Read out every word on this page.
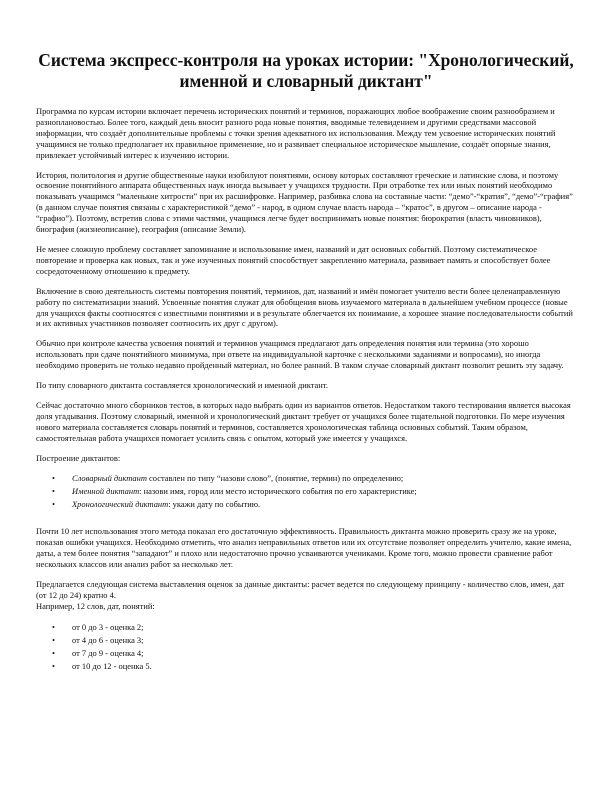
Система экспресс-контроля на уроках истории: "Хронологический, именной и словарный диктант"

Программа по курсам истории включает перечень исторических понятий и терминов, поражающих любое воображение своим разнообразием и разноплановостью. Более того, каждый день вносит разного рода новые понятия, вводимые телевидением и другими средствами массовой информации, что создаёт дополнительные проблемы с точки зрения адекватного их использования. Между тем усвоение исторических понятий учащимися не только предполагает их правильное применение, но и развивает специальное историческое мышление, создаёт опорные знания, привлекает устойчивый интерес к изучению истории.

История, политология и другие общественные науки изобилуют понятиями, основу которых составляют греческие и латинские слова, и поэтому освоение понятийного аппарата общественных наук иногда вызывает у учащихся трудности. При отработке тех или иных понятий необходимо показывать учащимся “маленькие хитрости” при их расшифровке. Например, разбивка слова на составные части: “демо”-“кратия”, “демо”-“графия” (в данном случае понятия связаны с характеристикой “демо” - народ, в одном случае власть народа – “кратос”, в другом – описание народа - “графио”). Поэтому, встретив слова с этими частями, учащимся легче будет воспринимать новые понятия: бюрократия (власть чиновников), биография (жизнеописание), география (описание Земли).

Не менее сложную проблему составляет запоминание и использование имен, названий и дат основных событий. Поэтому систематическое повторение и проверка как новых, так и уже изученных понятий способствует закреплению материала, развивает память и способствует более сосредоточенному отношению к предмету.

Включение в свою деятельность системы повторения понятий, терминов, дат, названий и имён помогает учителю вести более целенаправленную работу по систематизации знаний. Усвоенные понятия служат для обобщения вновь изучаемого материала в дальнейшем учебном процессе (новые для учащихся факты соотносятся с известными понятиями и в результате облегчается их понимание, а хорошее знание последовательности событий и их активных участников позволяет соотносить их друг с другом).

Обычно при контроле качества усвоения понятий и терминов учащимся предлагают дать определения понятия или термина (это хорошо использовать при сдаче понятийного минимума, при ответе на индивидуальной карточке с несколькими заданиями и вопросами), но иногда необходимо проверить не только недавно пройденный материал, но более ранний. В таком случае словарный диктант позволит решить эту задачу.

По типу словарного диктанта составляется хронологический и именной диктант.

Сейчас достаточно много сборников тестов, в которых надо выбрать один из вариантов ответов. Недостатком такого тестирования является высокая доля угадывания. Поэтому словарный, именной и хронологический диктант требует от учащихся более тщательной подготовки. По мере изучения нового материала составляется словарь понятий и терминов, составляется хронологическая таблица основных событий. Таким образом, самостоятельная работа учащихся помогает усилить связь с опытом, который уже имеется у учащихся.

Построение диктантов:

• Словарный диктант составлен по типу “назови слово”, (понятие, термин) по определению;
• Именной диктант: назови имя, город или место исторического события по его характеристике;
• Хронологический диктант: укажи дату по событию.

Почти 10 лет использования этого метода показал его достаточную эффективность. Правильность диктанта можно проверить сразу же на уроке, показав ошибки учащихся. Необходимо отметить, что анализ неправильных ответов или их отсутствие позволяет определить учителю, какие имена, даты, а тем более понятия “западают” и плохо или недостаточно прочно усваиваются учениками. Кроме того, можно провести сравнение работ нескольких классов или анализ работ за несколько лет.

Предлагается следующая система выставления оценок за данные диктанты: расчет ведется по следующему принципу - количество слов, имен, дат (от 12 до 24) кратно 4.

Например, 12 слов, дат, понятий:

• от 0 до 3 - оценка 2;
• от 4 до 6 - оценка 3;
• от 7 до 9 - оценка 4;
• от 10 до 12 - оценка 5.
